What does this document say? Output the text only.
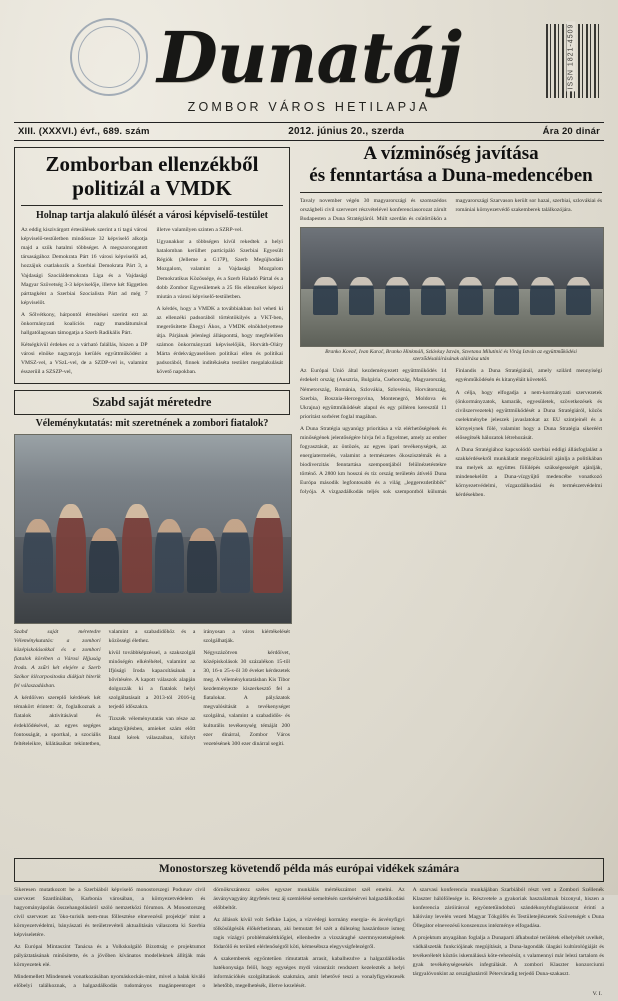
Dunatáj
ZOMBOR VÁROS HETILAPJA
ISSN 1821-4509
XIII. (XXXVI.) évf., 689. szám	2012. június 20., szerda	Ára 20 dinár
Zomborban ellenzékből
politizál a VMDK
Holnap tartja alakuló ülését a városi képviselő-testület

Az eddig kiszivárgott értesülések szerint a ti tagú városi képviselő-testületben mindössze 32 képviselő alkotja majd a szűk hatalmi többséget. A megszorongatott társaságához Demokrata Párt 16 városi képviselői ad, hozzájuk csatlakozik a Szerbiai Demokrata Párt 3, a Vajdasági Szociáldemokrata Liga és a Vajdasági Magyar Szövetség 3-3 képviselője, illetve két független párttagként a Szerbiai Szocialista Párt ad még 7 képviselőt.

A Sőlvétkony, hárpontól értesítései szerint ezt az önkormányzati koalíciós nagy mandátumával hallgatólagosan támogatja a Szerb Radikális Párt.

Kétségkívül érdekes ez a várható falállás, hiszen a DP városi elnöke nagyanyja kerülés együttműködést a VMSZ-vel, a VSzL-vel, de a SZDP-vel is, valamint ésszerűil a SZSZP-vel,

illetve valamilyen szinten a SZRP-vel.

Ugyanakkor a többségen kívül rekedtek a helyi hatalomban kerülhet participáló Szerbiai Egyesült Régiók (Jelleme a G17P), Szerb Megújhodási Mozgalom, valamint a Vajdasági Mozgalom Demokratikus Közössége, és a Szerb Haladó Pártal és a dobb Zombor Egyesületnek a 25 fős ellenzéket képezi miután a városi képviselő-testületben.

A kérdés, hogy a VMDK a továbbiakban hol veheti ki az ellenzéki padsorából történtökilyés a VKT-ben, megerősítette Éhegyi Ákos, a VMDK elnökhelyettese útja. Párjának jelenlegi állásponttá, hogy megfelelően számon önkormányzati képviselőjük, Horváth-Oláry Márta érdekvágyaselősen politikai ellen és politikai padsorából, finnek indítékáséta testület megalakulását követő napokban.

Szabd saját méretedre
Véleménykutatás: mit szeretnének a zombori fiatalok?

Szabd saját méretedre Véleménykutatás: a zombori középiskolásokkal és a zombori fiatalok körében a Városi Hjjuság Iroda. A zsűri két elejére a Szerb Szókor kilcarpositoska diákjait hiterik fel válaszadásban.

A kérdőíven szereplő kérdések két témakört érintett: öt, foglalkoznak a fiatalok aktivitásával és érdeklődésével, az egyes segéges fontosságát, a sportkal, a szociális feltételeikre, kilátásaikat tekintetben, valamint a szabadidőhöz és a közösségi élethez.

kívül továbbképzéssel, a szakszolgál minőségén elkéréhétel, valamint az Ifjúsági Iroda kapacsításának a bővítésére. A kapott válaszok alapján dolgozzák ki a fiatalok helyi szolgáltatásait a 2013-tól 2016-ig terjedő időszakra.

Tizszék véleményutatás van része az adatgyűjtésben, amieket szám előtt Batal kérek válaszaiban, kifolyt irányosan a város kiértékelését szolgálhatják.

Négyszázötven kérdőívet, középiskolások 30 százalékon 15-től 30, 16-n 25-s-ől 30 éveket kérdezetek meg. A véleménykutatásban Kis Tibor kezdeményezte kiszerkesztő fel a fiatalokat. A pályázatok megvalósítását a tevékenységet szolgálná, valamint a szabadidős- és kulturális tevékenység témáját 200 ezer dinárral, Zombor Város vezetésének 300 ezer dinárral segíti.

A vízminőség javítása
és fenntartása a Duna-medencében

Tavaly november végén 30 magyarországi és szomszédos országbeli civil szervezet részvételével konferenciasorozat zárult Budapesten a Duna Stratégiáról. Múlt szerdán és csütörtökön a magyarországi Szarvason került sor hazai, szerbiai, szlovákiai és romániai környezetvédő szakemberek találkozójára.

Branko Kovač, Ivan Karač, Branko Hinkmáli, Szlávkay István, Szvetana Milutinić és Virág István az együttműködési szerződésaláírásának aláírása után

Az Európai Unió által kezdeményezett együttműködés 14 érdekelt ország (Ausztria, Bulgária, Csehország, Magyarország, Németország, Románia, Szlovákia, Szlovénia, Horvátország, Szerbia, Bosznia-Hercegovina, Montenegró, Moldova és Ukrajna) együttműködését alapul és egy pilléren keresztül 11 prioritást sorbéret foglal magában.

A Duna Stratégia ugyanúgy prioritása a víz elérhetőségének és minőségének jelentőségére hívja fel a figyelmet, amely az ember fogyasztását, az öntözés, az egyes ipari tevékenységek, az energiatermelés, valamint a természetes ökoszisztémák és a biodiverzitás fenntartása szempontjából felülnézetéstekre tőrténő. A 2800 km hosszú és tíz ország területén átívelő Duna Európa második legfontosabb és a világ „leggerezdetibbik” folyója. A vízgazdálkodás teljés sok szempontból külumás Finlandis a Duna Stratégiánál, amely szilárd mennyiségi egyénműködésén és kitanyéláit követelő.

A célja, hogy elfogadja a nem-kormányzati szervezetek (önkormányzatok, kamarák, egyesületek, szövetkezések és civilszervezetek) együttműködését a Duna Stratégiáról, közös cselekménybe jeleszek javaslatokat az EU szintjeinél és a környeiynek fölé, valamint hogy a Duna Stratégia sikeréért elősegítsék hálozatok létrehozását.

A Duna Stratégiához kapcsolódó szerbiai eddigi állásfoglalást a szakkérdésekről munkálatát megcélzásáról ajánlja a politikában ma melyek az együttes fölülépés szükségességét ajánlják, mindenekelőtt a Duna-vízgyűjtő medencébe vonatkozó környezetvédelmi, vízgazdálkodási és természetvédelmi kérdésekben.

Monostorszeg követendő példa más európai vidékek számára

Sikeresen mutatkozott be a Szerbiából képviselő monostorszegi Podunav civil szervezet Szardíniában, Karbonia városában, a környezetvédelem és hagyományápolás összehangolásáról szóló nemzetközi fórumon. A Monostorszeg civil szervezet az 'öko-turisik nem-mus föllesztése elnevezésű projektje' mint a környezetvédelmi, bányászati és területrevételi aktualitásán válaszotta ki Szerbia képviseletére.

Az Európai Mintaszint Tanácsa és a Volkskulgáló Bizottság e projektumot pályáztatásának minősítette, és a jövőben kívánatos modelleknek állítják más környezetek elé.

Mindemellett Mindennek vonatkozásában nyomáskockás-mint, mivel a halak kiváló előbelyi találkoznak, a halgazdálkodás tudományos magánpeentoget o dörnökrszántezz széles egyszer munkálás mértékszámot szél emelni. Az ásványvagyány átgyfetés tesz áj szemlélésé semeltésén szerkésérvei halgazdálkodási előbbeltöt.

Az állások kívül volt Sefkke Lajos, a vízvédegi kormány energia- és ásvényfigyi tőlkösülgésök élőkérhetinnan, aki bemutatt fel szét a dúlezéng haszárdosre ismeg ragis vízágyi problémakéttkiőgíel, ellenbedre a vizszáraghé szermnyezetségének fódarólő és területi elérlenőségről köti, kémesébsza elegyvsígfelezégről.

A szakemberek egyöntetűen rímutattak arrasit, kabalhezdve a halgazdálkodás hatékonysága felől, hogy egységes mydi várasrázit rendszert kezelezték a helyi információkés szolgáltatások szakmára, amit lehetővé teszi a vonalyfigyelezesék lehetőbb, megelhetésék, illetve kezelését.

A szarvasi konferencia munkájában Szarbiából részt vett a Zombori Széllenék Klaszter hálófölesége is. Részvetele a gyakoriak használatnak bizonyul, hiszen a konferencia záróirásval egyöntetűindobzú szándékonyhfoglalássorat érintí a hálóvány levelén vezeti Magyar Tókgöfés és Testületejlészetek Szövetségét s Duna Öllegátor elnevezésű konszenzus intézménye elfogadása.

A projektum anyagában foglalja a Dunaparti áfkabudzé terülétek elhelyéhét uvelkét, vádkálszeták funkciójának megújítását, a Duna-lagondák ülagási kultúrológiáját és tevékeréletét köztös iskemálássá köte-rehezésüt, s valamennyi már lelezi tartalom és gyak tevékénységesekés infegtálását. A zombori Klaszter konzorciumi tárgyalóvonkint az országhatárról Péterváradig terjedő Duna-szakaszt.

V. I.
